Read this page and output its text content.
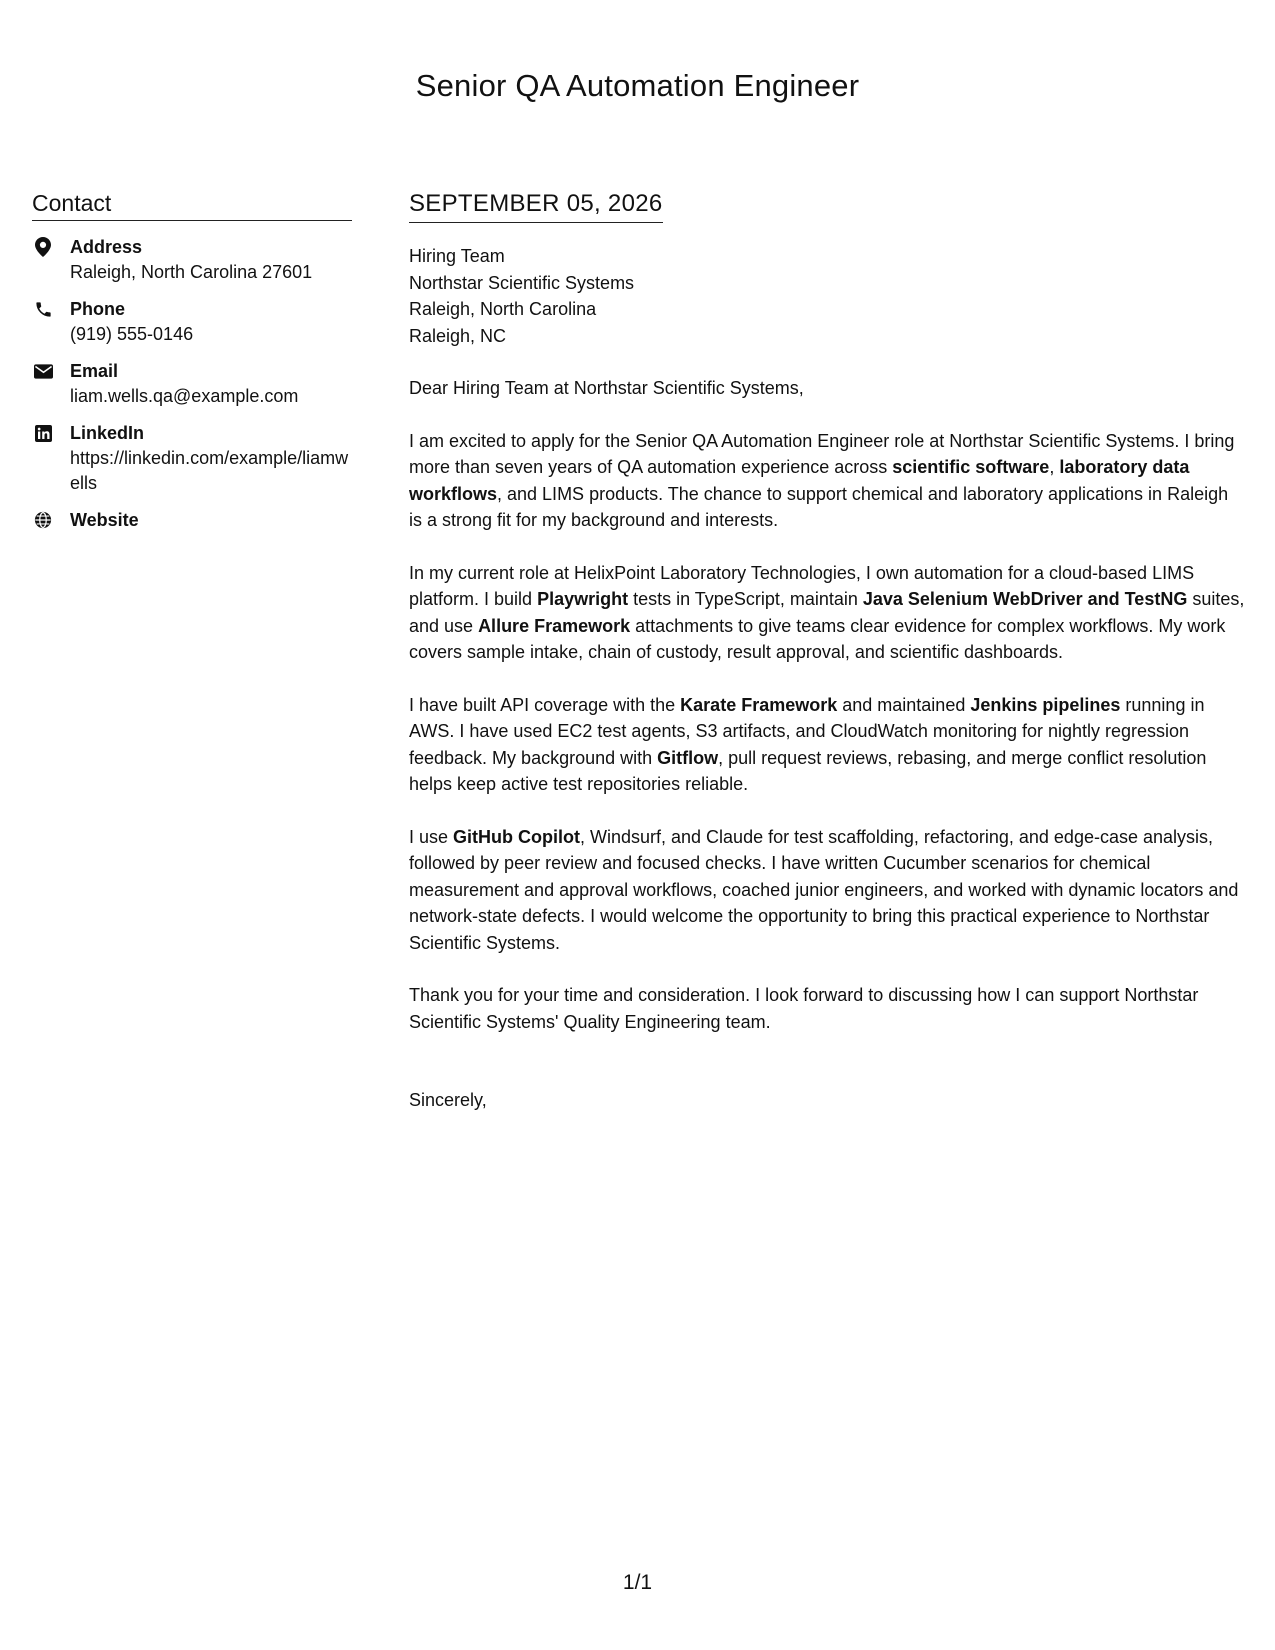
Senior QA Automation Engineer
Contact
Address
Raleigh, North Carolina 27601
Phone
(919) 555-0146
Email
liam.wells.qa@example.com
LinkedIn
https://linkedin.com/example/liamwells
Website
SEPTEMBER 05, 2026
Hiring Team
Northstar Scientific Systems
Raleigh, North Carolina
Raleigh, NC
Dear Hiring Team at Northstar Scientific Systems,

I am excited to apply for the Senior QA Automation Engineer role at Northstar Scientific Systems. I bring more than seven years of QA automation experience across scientific software, laboratory data workflows, and LIMS products. The chance to support chemical and laboratory applications in Raleigh is a strong fit for my background and interests.

In my current role at HelixPoint Laboratory Technologies, I own automation for a cloud-based LIMS platform. I build Playwright tests in TypeScript, maintain Java Selenium WebDriver and TestNG suites, and use Allure Framework attachments to give teams clear evidence for complex workflows. My work covers sample intake, chain of custody, result approval, and scientific dashboards.

I have built API coverage with the Karate Framework and maintained Jenkins pipelines running in AWS. I have used EC2 test agents, S3 artifacts, and CloudWatch monitoring for nightly regression feedback. My background with Gitflow, pull request reviews, rebasing, and merge conflict resolution helps keep active test repositories reliable.

I use GitHub Copilot, Windsurf, and Claude for test scaffolding, refactoring, and edge-case analysis, followed by peer review and focused checks. I have written Cucumber scenarios for chemical measurement and approval workflows, coached junior engineers, and worked with dynamic locators and network-state defects. I would welcome the opportunity to bring this practical experience to Northstar Scientific Systems.

Thank you for your time and consideration. I look forward to discussing how I can support Northstar Scientific Systems' Quality Engineering team.

Sincerely,
1/1
